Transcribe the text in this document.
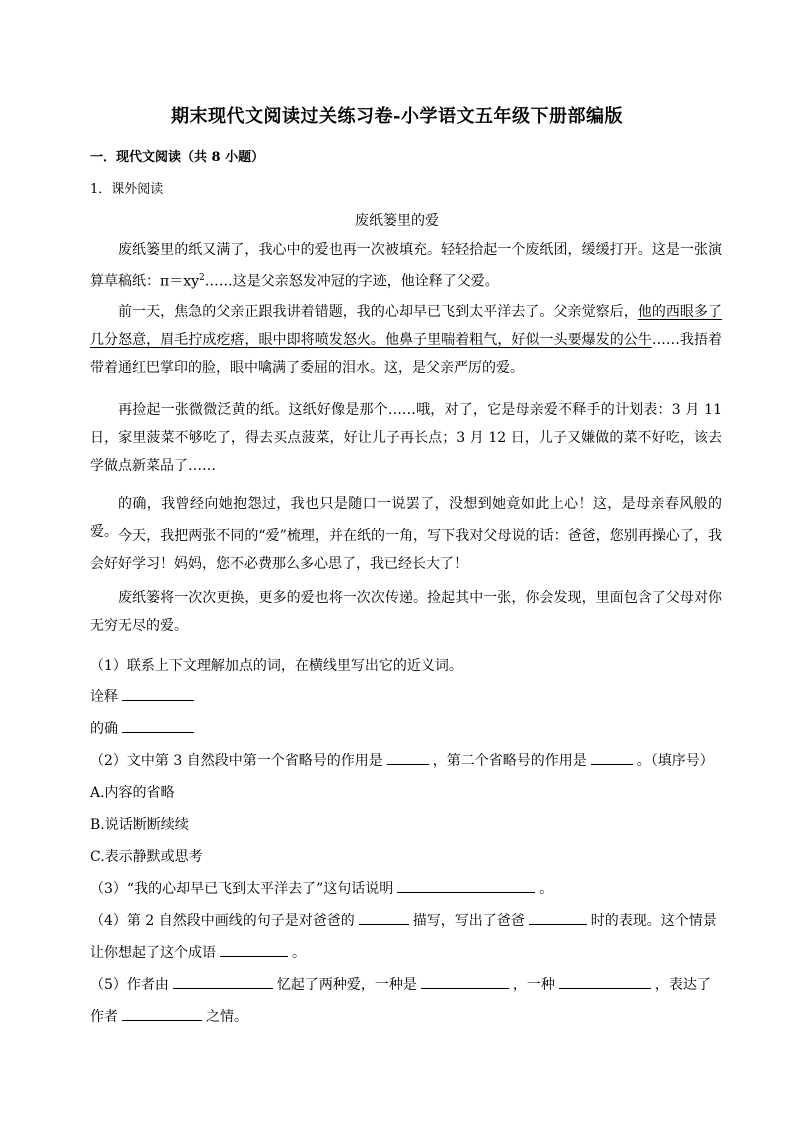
期末现代文阅读过关练习卷-小学语文五年级下册部编版
一．现代文阅读（共 8 小题）
1．课外阅读
废纸篓里的爱
废纸篓里的纸又满了，我心中的爱也再一次被填充。轻轻拾起一个废纸团，缓缓打开。这是一张演算草稿纸：$\pi=xy^2\dots\dots$这是父亲怒发冲冠的字迹，他诠释了父爱。
前一天，焦急的父亲正跟我讲着错题，我的心却早已飞到太平洋去了。父亲觉察后，他的西眼多了几分怒意，眉毛拧成疙瘩，眼中即将喷发怒火。他鼻子里喘着粗气，好似一头要爆发的公牛……我捂着带着通红巴掌印的脸，眼中噙满了委屈的泪水。这，是父亲严厉的爱。
再捡起一张微微泛黄的纸。这纸好像是那个……哦，对了，它是母亲爱不释手的计划表：3 月 11 日，家里菠菜不够吃了，得去买点菠菜，好让儿子再长点；3 月 12 日，儿子又嫌做的菜不好吃，该去学做点新菜品了……
的确，我曾经向她抱怨过，我也只是随口一说罢了，没想到她竟如此上心！这，是母亲春风般的爱。 今天，我把两张不同的“爱”梳理，并在纸的一角，写下我对父母说的话：爸爸，您别再操心了，我会好好学习！妈妈，您不必费那么多心思了，我已经长大了！
废纸篓将一次次更换，更多的爱也将一次次传递。捡起其中一张，你会发现，里面包含了父母对你无穷无尽的爱。
（1）联系上下文理解加点的词，在横线里写出它的近义词。
诠释
的确
（2）文中第 3 自然段中第一个省略号的作用是	，第二个省略号的作用是	。（填序号）
A.内容的省略
B.说话断断续续
C.表示静默或思考
（3）“我的心却早已飞到太平洋去了”这句话说明	。
（4）第 2 自然段中画线的句子是对爸爸的	描写，写出了爸爸	时的表现。这个情景
让你想起了这个成语	。
（5）作者由	忆起了两种爱，一种是	，一种	，表达了
作者	之情。
